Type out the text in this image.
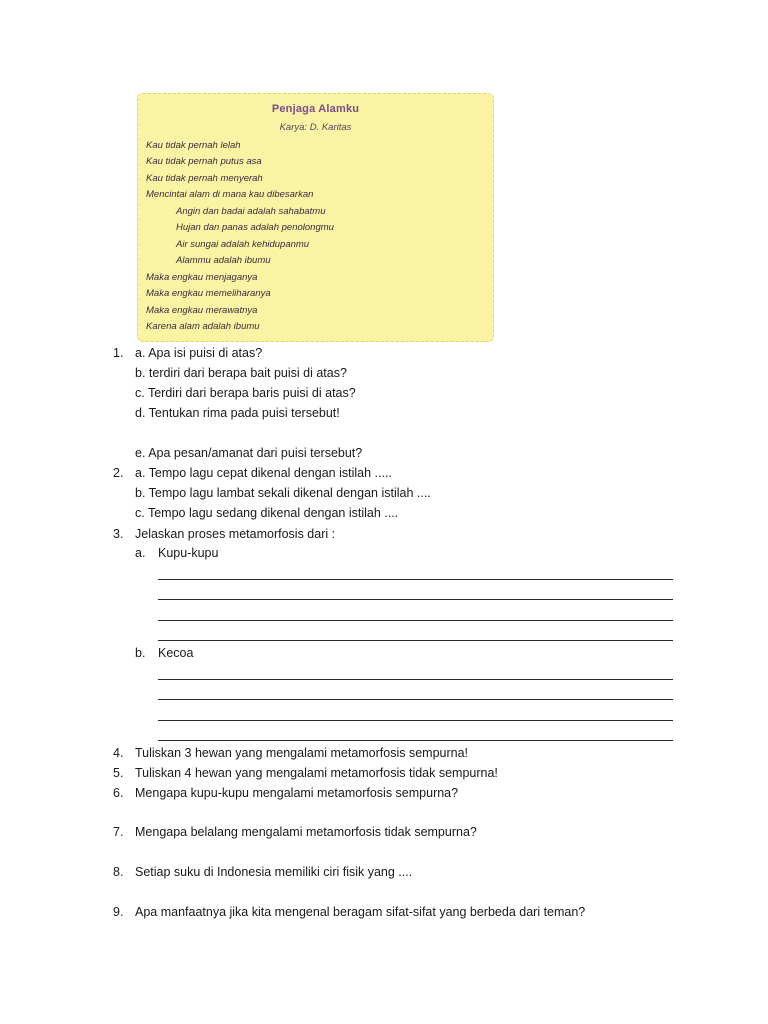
Penjaga Alamku
Karya: D. Karitas
Kau tidak pernah lelah
Kau tidak pernah putus asa
Kau tidak pernah menyerah
Mencintai alam di mana kau dibesarkan
Angin dan badai adalah sahabatmu
Hujan dan panas adalah penolongmu
Air sungai adalah kehidupanmu
Alammu adalah ibumu
Maka engkau menjaganya
Maka engkau memeliharanya
Maka engkau merawatnya
Karena alam adalah ibumu
1. a. Apa isi puisi di atas?
b. terdiri dari berapa bait puisi di atas?
c. Terdiri dari berapa baris puisi di atas?
d. Tentukan rima pada puisi tersebut!
e. Apa pesan/amanat dari puisi tersebut?
2. a. Tempo lagu cepat dikenal dengan istilah .....
b. Tempo lagu lambat sekali dikenal dengan istilah ....
c. Tempo lagu sedang dikenal dengan istilah ....
3. Jelaskan proses metamorfosis dari :
a. Kupu-kupu
b. Kecoa
4. Tuliskan 3 hewan yang mengalami metamorfosis sempurna!
5. Tuliskan 4 hewan yang mengalami metamorfosis tidak sempurna!
6. Mengapa kupu-kupu mengalami metamorfosis sempurna?
7. Mengapa belalang mengalami metamorfosis tidak sempurna?
8. Setiap suku di Indonesia memiliki ciri fisik yang ....
9. Apa manfaatnya jika kita mengenal beragam sifat-sifat yang berbeda dari teman?
